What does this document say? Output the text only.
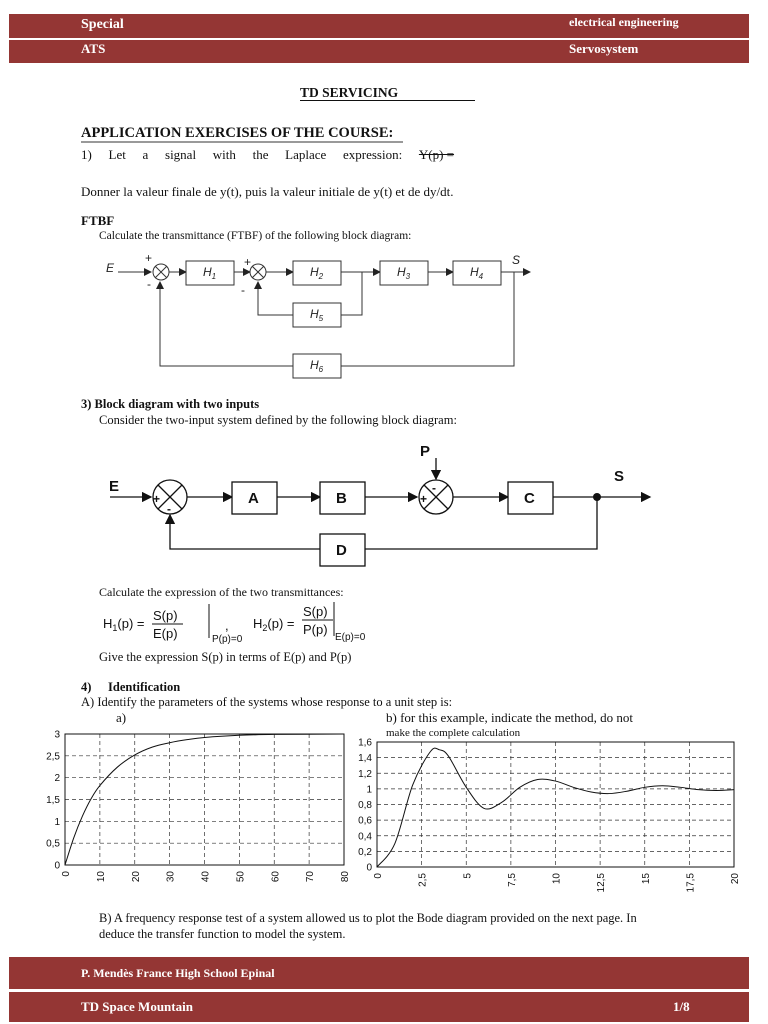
Special	electrical engineering
ATS	Servosystem
TD SERVICING
APPLICATION EXERCISES OF THE COURSE:
1) Let a signal with the Laplace expression: Y(p) =
Donner la valeur finale de y(t), puis la valeur initiale de y(t) et de dy/dt.
FTBF
Calculate the transmittance (FTBF) of the following block diagram:
E
S
+
-
+
-
$H_1$	$H_2$	$H_3$	$H_4$
$H_5$
$H_6$
3) Block diagram with two inputs
Consider the two-input system defined by the following block diagram:
E
S
P
A	B	C
D
+
-
+
-
Calculate the expression of the two transmittances:
$H_1(p)$ =
S(p)
E(p)	P(p)=0
, $H_2(p)$ =
S(p)
P(p)
E(p)=0
Give the expression S(p) in terms of E(p) and P(p)
4) Identification
A) Identify the parameters of the systems whose response to a unit step is:
a)	b) for this example, indicate the method, do not
make the complete calculation
0 10 20 30 40 50 60 70 80
0
0,5
1
1,5
2
2,5
3
0	2,5	5	7,5	10	12,5	15	17,5	20
0
0,2
0,4
0,6
0,8
1
1,2
1,4
1,6
B) A frequency response test of a system allowed us to plot the Bode diagram provided on the next page. In
deduce the transfer function to model the system.
P. Mendès France High School Epinal
TD Space Mountain	1/8
